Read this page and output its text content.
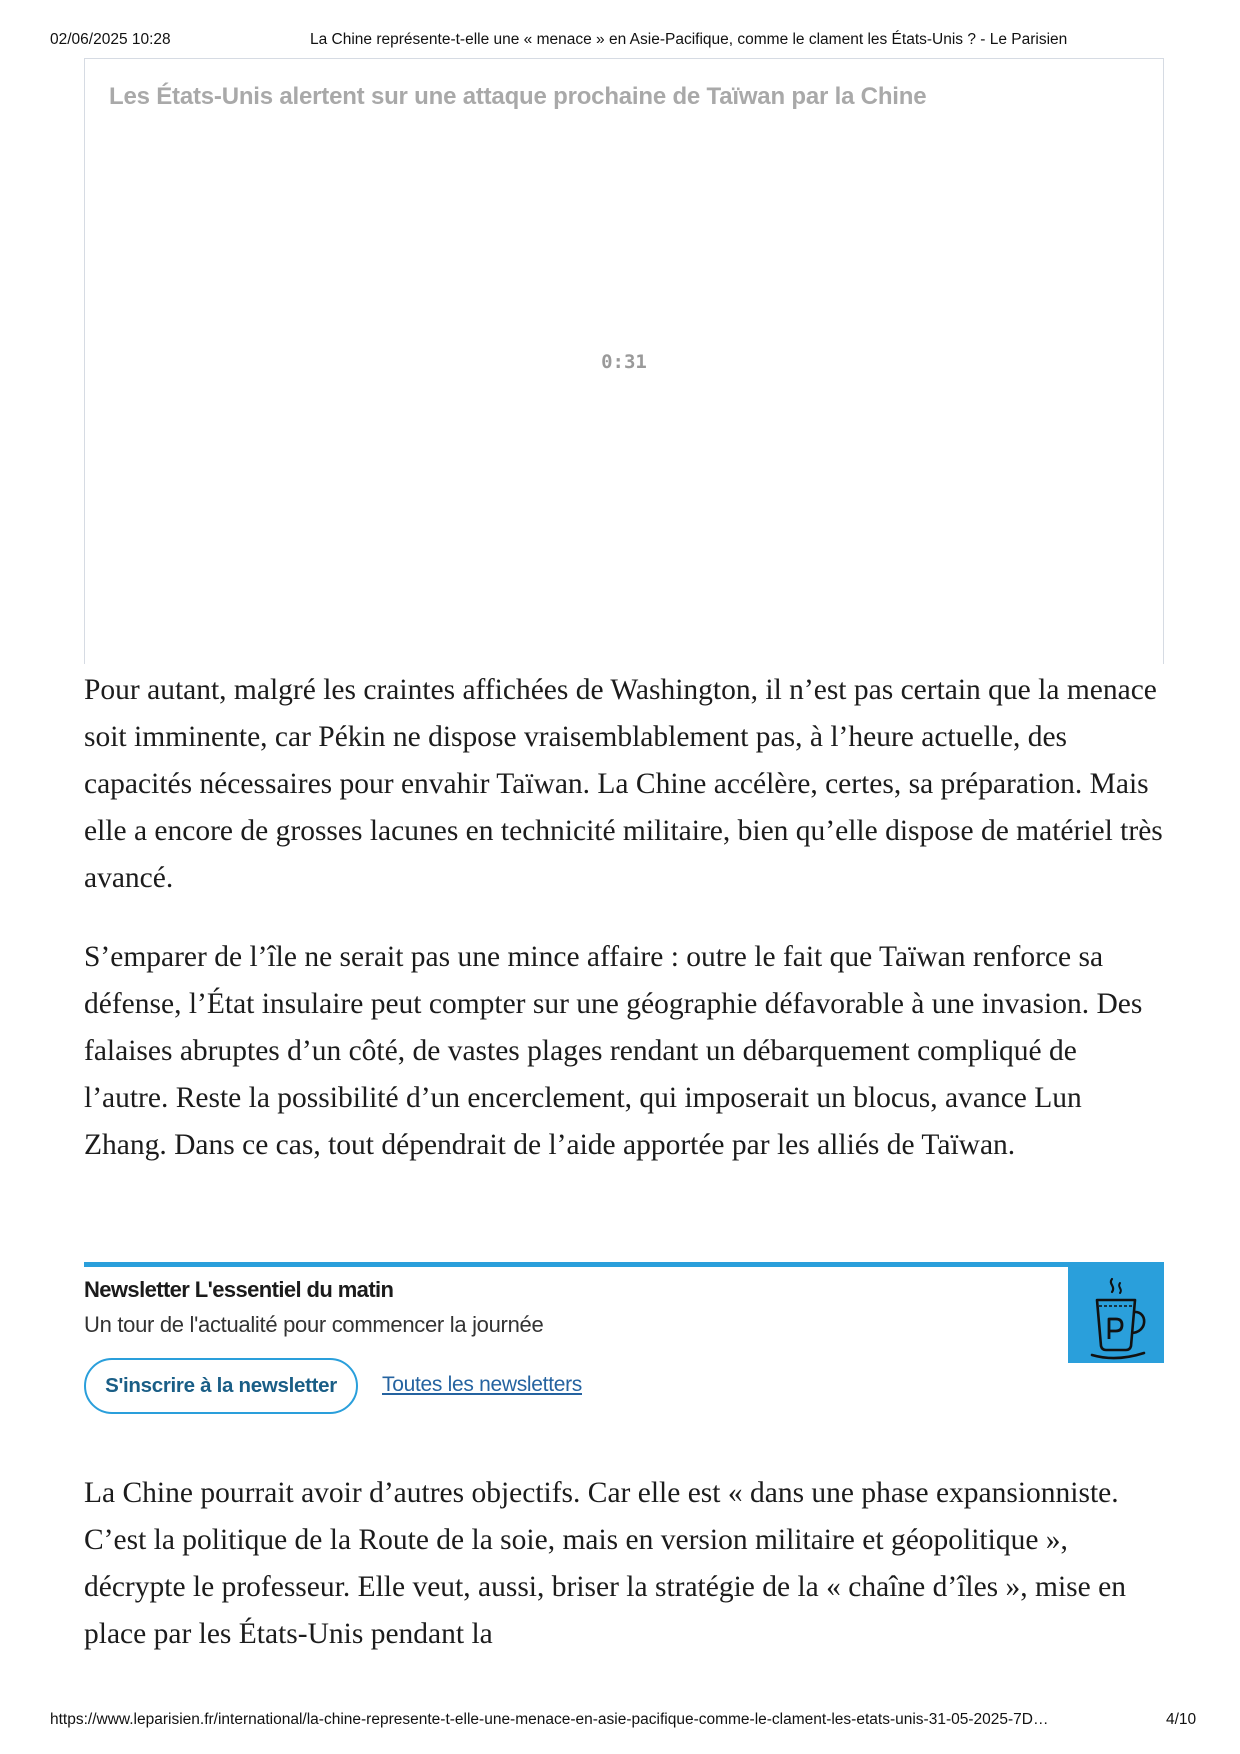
02/06/2025 10:28	La Chine représente-t-elle une « menace » en Asie-Pacifique, comme le clament les États-Unis ? - Le Parisien
Les États-Unis alertent sur une attaque prochaine de Taïwan par la Chine
0:31

Pour autant, malgré les craintes affichées de Washington, il n’est pas certain que la menace soit imminente, car Pékin ne dispose vraisemblablement pas, à l’heure actuelle, des capacités nécessaires pour envahir Taïwan. La Chine accélère, certes, sa préparation. Mais elle a encore de grosses lacunes en technicité militaire, bien qu’elle dispose de matériel très avancé.

S’emparer de l’île ne serait pas une mince affaire : outre le fait que Taïwan renforce sa défense, l’État insulaire peut compter sur une géographie défavorable à une invasion. Des falaises abruptes d’un côté, de vastes plages rendant un débarquement compliqué de l’autre. Reste la possibilité d’un encerclement, qui imposerait un blocus, avance Lun Zhang. Dans ce cas, tout dépendrait de l’aide apportée par les alliés de Taïwan.

Newsletter L'essentiel du matin
Un tour de l'actualité pour commencer la journée
S'inscrire à la newsletter	Toutes les newsletters

La Chine pourrait avoir d’autres objectifs. Car elle est « dans une phase expansionniste. C’est la politique de la Route de la soie, mais en version militaire et géopolitique », décrypte le professeur. Elle veut, aussi, briser la stratégie de la « chaîne d’îles », mise en place par les États-Unis pendant la

https://www.leparisien.fr/international/la-chine-represente-t-elle-une-menace-en-asie-pacifique-comme-le-clament-les-etats-unis-31-05-2025-7D…	4/10
